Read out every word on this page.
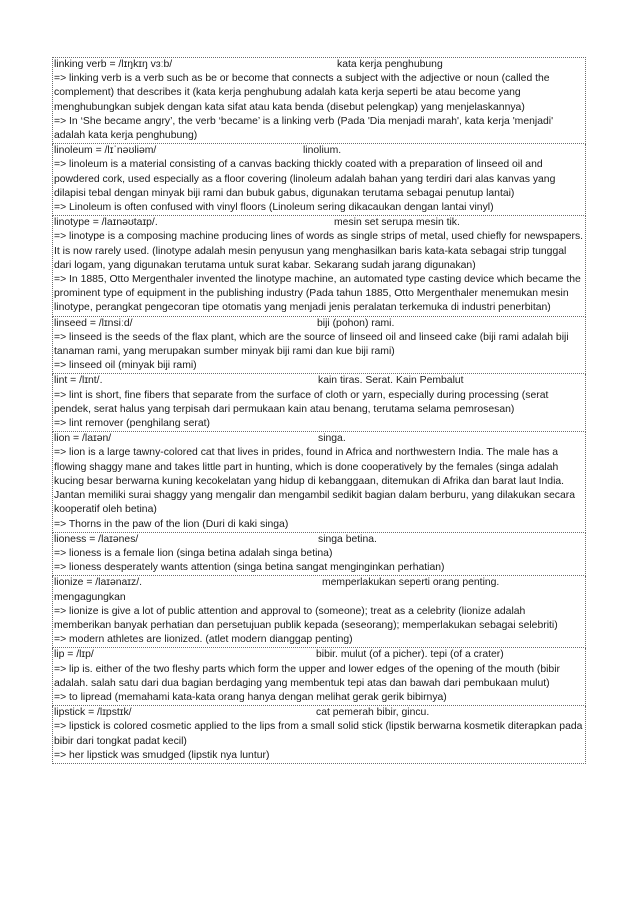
linking verb = /lɪŋkɪŋ vɜːb/	kata kerja penghubung

=> linking verb is a verb such as be or become that connects a subject with the adjective or noun (called the complement) that describes it (kata kerja penghubung adalah kata kerja seperti be atau become yang menghubungkan subjek dengan kata sifat atau kata benda (disebut pelengkap) yang menjelaskannya)

=> In ‘She became angry’, the verb ‘became’ is a linking verb (Pada 'Dia menjadi marah', kata kerja 'menjadi' adalah kata kerja penghubung)

linoleum = /lɪˈnəʊliəm/	linolium.

=> linoleum is a material consisting of a canvas backing thickly coated with a preparation of linseed oil and powdered cork, used especially as a floor covering (linoleum adalah bahan yang terdiri dari alas kanvas yang dilapisi tebal dengan minyak biji rami dan bubuk gabus, digunakan terutama sebagai penutup lantai)

=> Linoleum is often confused with vinyl floors (Linoleum sering dikacaukan dengan lantai vinyl)

linotype = /laɪnəʊtaɪp/.	mesin set serupa mesin tik.

=> linotype is a composing machine producing lines of words as single strips of metal, used chiefly for newspapers. It is now rarely used. (linotype adalah mesin penyusun yang menghasilkan baris kata-kata sebagai strip tunggal dari logam, yang digunakan terutama untuk surat kabar. Sekarang sudah jarang digunakan)

=> In 1885, Otto Mergenthaler invented the linotype machine, an automated type casting device which became the prominent type of equipment in the publishing industry (Pada tahun 1885, Otto Mergenthaler menemukan mesin linotype, perangkat pengecoran tipe otomatis yang menjadi jenis peralatan terkemuka di industri penerbitan)

linseed = /lɪnsiːd/	biji (pohon) rami.

=> linseed is the seeds of the flax plant, which are the source of linseed oil and linseed cake (biji rami adalah biji tanaman rami, yang merupakan sumber minyak biji rami dan kue biji rami)

=> linseed oil (minyak biji rami)

lint = /lɪnt/.	kain tiras. Serat. Kain Pembalut

=> lint is short, fine fibers that separate from the surface of cloth or yarn, especially during processing (serat pendek, serat halus yang terpisah dari permukaan kain atau benang, terutama selama pemrosesan)

=> lint remover (penghilang serat)

lion = /laɪən/	singa.

=> lion is a large tawny-colored cat that lives in prides, found in Africa and northwestern India. The male has a flowing shaggy mane and takes little part in hunting, which is done cooperatively by the females (singa adalah kucing besar berwarna kuning kecokelatan yang hidup di kebanggaan, ditemukan di Afrika dan barat laut India. Jantan memiliki surai shaggy yang mengalir dan mengambil sedikit bagian dalam berburu, yang dilakukan secara kooperatif oleh betina)

=> Thorns in the paw of the lion (Duri di kaki singa)

lioness = /laɪənes/	singa betina.

=> lioness is a female lion (singa betina adalah singa betina)

=> lioness desperately wants attention (singa betina sangat menginginkan perhatian)

lionize = /laɪənaɪz/.	memperlakukan seperti orang penting.

mengagungkan

=> lionize is give a lot of public attention and approval to (someone); treat as a celebrity (lionize adalah memberikan banyak perhatian dan persetujuan publik kepada (seseorang); memperlakukan sebagai selebriti)

=> modern athletes are lionized. (atlet modern dianggap penting)

lip = /lɪp/	bibir. mulut (of a picher). tepi (of a crater)

=> lip is. either of the two fleshy parts which form the upper and lower edges of the opening of the mouth (bibir adalah. salah satu dari dua bagian berdaging yang membentuk tepi atas dan bawah dari pembukaan mulut)

=> to lipread (memahami kata-kata orang hanya dengan melihat gerak gerik bibirnya)

lipstick = /lɪpstɪk/	cat pemerah bibir, gincu.

=> lipstick is colored cosmetic applied to the lips from a small solid stick (lipstik berwarna kosmetik diterapkan pada bibir dari tongkat padat kecil)

=> her lipstick was smudged (lipstik nya luntur)
